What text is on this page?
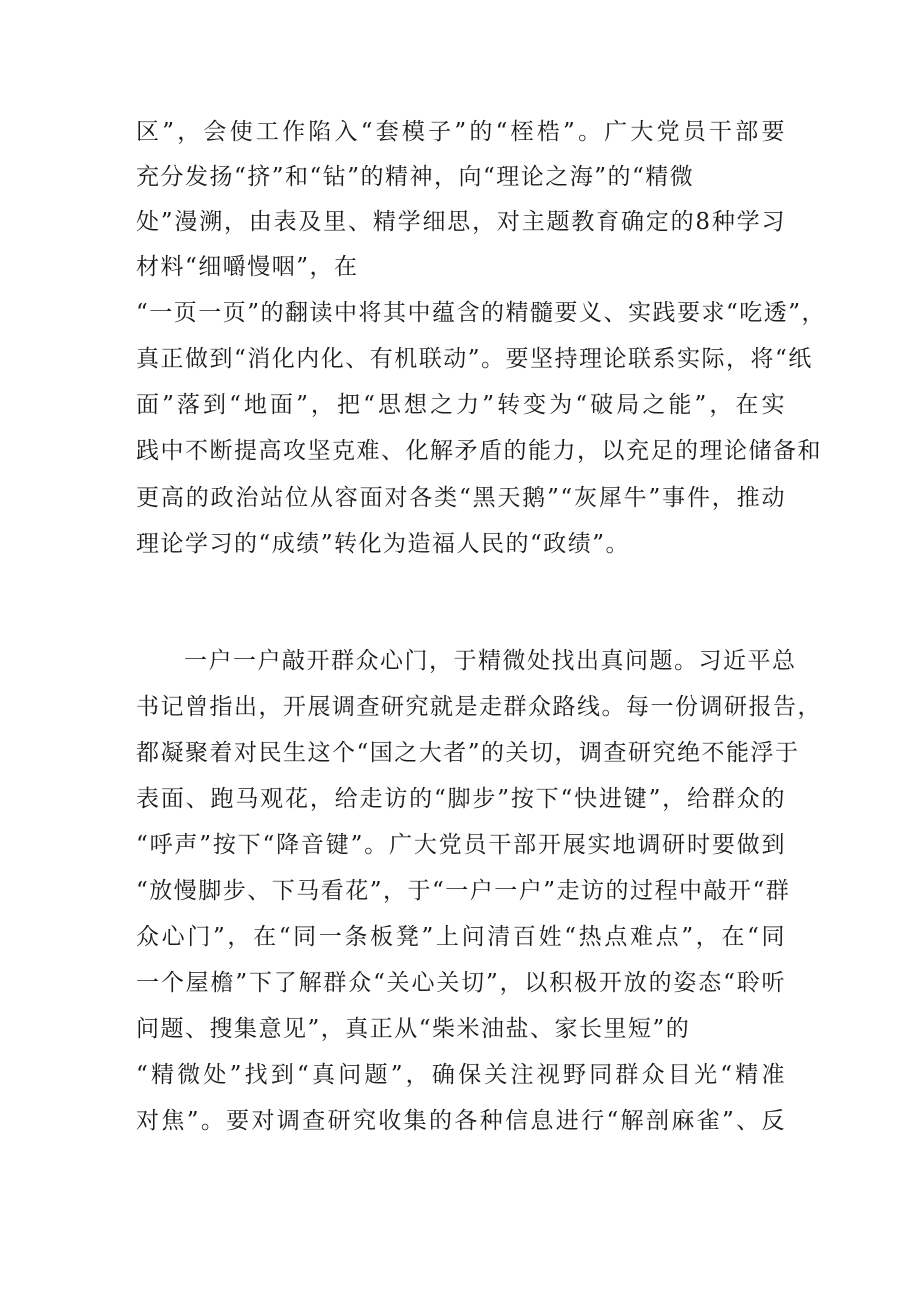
区”，会使工作陷入“套模子”的“桎梏”。广大党员干部要
充分发扬“挤”和“钻”的精神，向“理论之海”的“精微
处”漫溯，由表及里、精学细思，对主题教育确定的8种学习
材料“细嚼慢咽”，在
“一页一页”的翻读中将其中蕴含的精髓要义、实践要求“吃透”，
真正做到“消化内化、有机联动”。要坚持理论联系实际，将“纸
面”落到“地面”，把“思想之力”转变为“破局之能”，在实
践中不断提高攻坚克难、化解矛盾的能力，以充足的理论储备和
更高的政治站位从容面对各类“黑天鹅”“灰犀牛”事件，推动
理论学习的“成绩”转化为造福人民的“政绩”。
一户一户敲开群众心门，于精微处找出真问题。习近平总
书记曾指出，开展调查研究就是走群众路线。每一份调研报告，
都凝聚着对民生这个“国之大者”的关切，调查研究绝不能浮于
表面、跑马观花，给走访的“脚步”按下“快进键”，给群众的
“呼声”按下“降音键”。广大党员干部开展实地调研时要做到
“放慢脚步、下马看花”，于“一户一户”走访的过程中敲开“群
众心门”，在“同一条板凳”上问清百姓“热点难点”，在“同
一个屋檐”下了解群众“关心关切”，以积极开放的姿态“聆听
问题、搜集意见”，真正从“柴米油盐、家长里短”的
“精微处”找到“真问题”，确保关注视野同群众目光“精准
对焦”。要对调查研究收集的各种信息进行“解剖麻雀”、反
